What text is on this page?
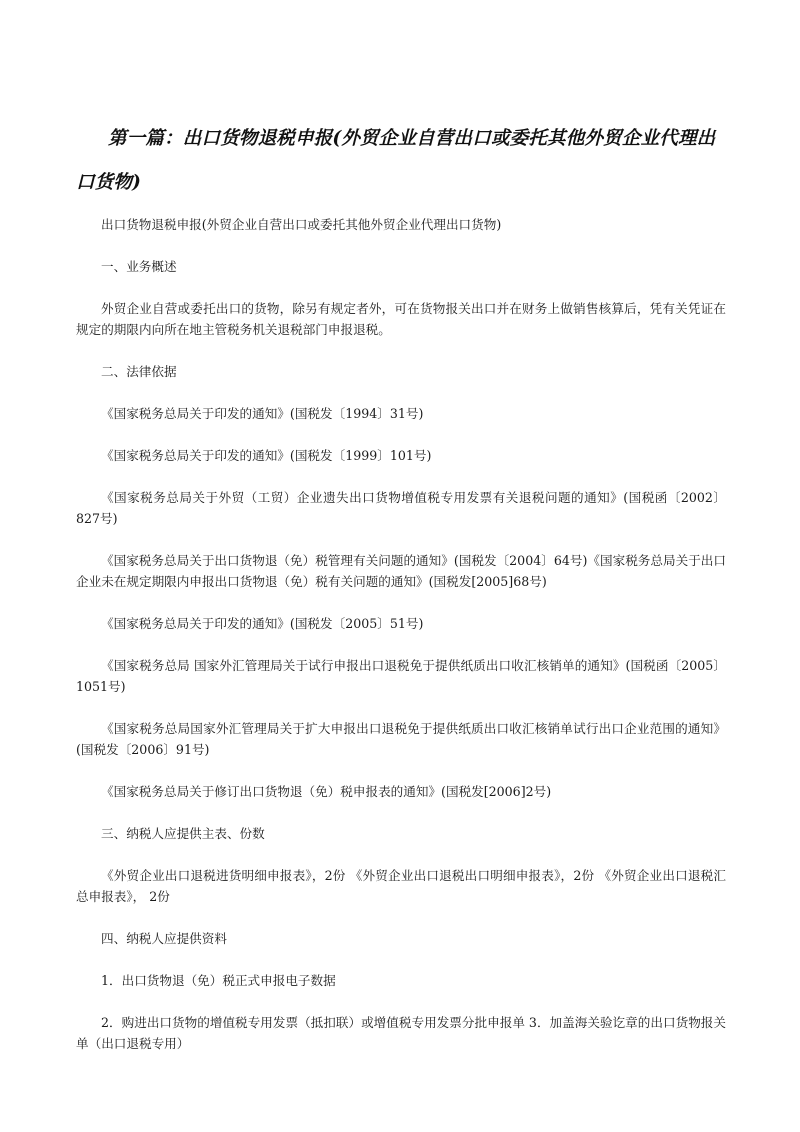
第一篇：出口货物退税申报(外贸企业自营出口或委托其他外贸企业代理出口货物)

出口货物退税申报(外贸企业自营出口或委托其他外贸企业代理出口货物)

一、业务概述

外贸企业自营或委托出口的货物，除另有规定者外，可在货物报关出口并在财务上做销售核算后，凭有关凭证在规定的期限内向所在地主管税务机关退税部门申报退税。

二、法律依据

《国家税务总局关于印发的通知》(国税发〔1994〕31号)

《国家税务总局关于印发的通知》(国税发〔1999〕101号)

《国家税务总局关于外贸（工贸）企业遗失出口货物增值税专用发票有关退税问题的通知》(国税函〔2002〕827号)

《国家税务总局关于出口货物退（免）税管理有关问题的通知》(国税发〔2004〕64号)《国家税务总局关于出口企业未在规定期限内申报出口货物退（免）税有关问题的通知》(国税发[2005]68号)

《国家税务总局关于印发的通知》(国税发〔2005〕51号)

《国家税务总局 国家外汇管理局关于试行申报出口退税免于提供纸质出口收汇核销单的通知》(国税函〔2005〕1051号)

《国家税务总局国家外汇管理局关于扩大申报出口退税免于提供纸质出口收汇核销单试行出口企业范围的通知》(国税发〔2006〕91号)

《国家税务总局关于修订出口货物退（免）税申报表的通知》(国税发[2006]2号)

三、纳税人应提供主表、份数

《外贸企业出口退税进货明细申报表》，2份 《外贸企业出口退税出口明细申报表》，2份 《外贸企业出口退税汇总申报表》， 2份

四、纳税人应提供资料

1．出口货物退（免）税正式申报电子数据

2．购进出口货物的增值税专用发票（抵扣联）或增值税专用发票分批申报单 3．加盖海关验讫章的出口货物报关单（出口退税专用）
